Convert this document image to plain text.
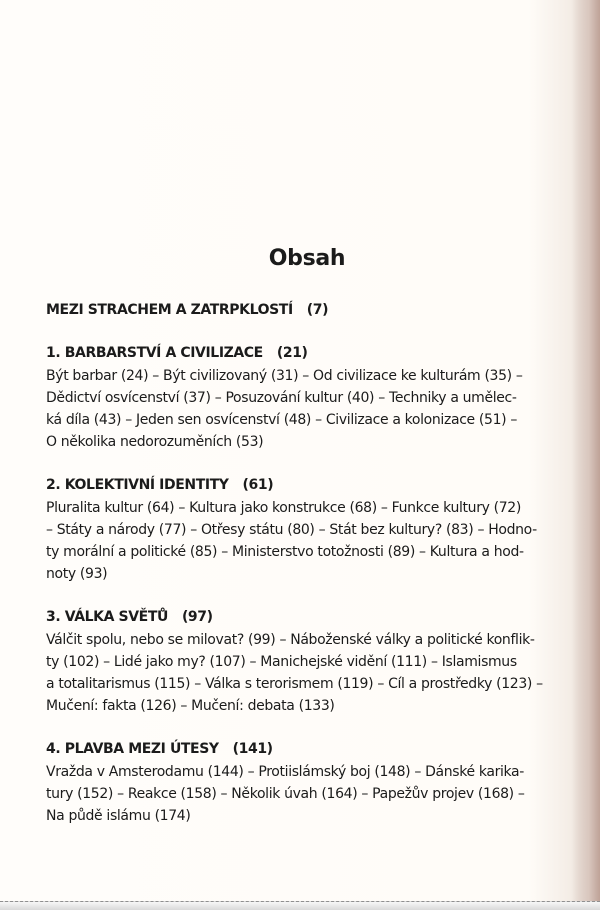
Obsah
MEZI STRACHEM A ZATRPKLOSTÍ (7)
1. BARBARSTVÍ A CIVILIZACE (21)

Být barbar (24) – Být civilizovaný (31) – Od civilizace ke kulturám (35) –
Dědictví osvícenství (37) – Posuzování kultur (40) – Techniky a umělec-
ká díla (43) – Jeden sen osvícenství (48) – Civilizace a kolonizace (51) –
O několika nedorozuměních (53)

2. KOLEKTIVNÍ IDENTITY (61)

Pluralita kultur (64) – Kultura jako konstrukce (68) – Funkce kultury (72)
– Státy a národy (77) – Otřesy státu (80) – Stát bez kultury? (83) – Hodno-
ty morální a politické (85) – Ministerstvo totožnosti (89) – Kultura a hod-
noty (93)

3. VÁLKA SVĚTŮ (97)

Válčit spolu, nebo se milovat? (99) – Náboženské války a politické konflik-
ty (102) – Lidé jako my? (107) – Manichejské vidění (111) – Islamismus
a totalitarismus (115) – Válka s terorismem (119) – Cíl a prostředky (123) –
Mučení: fakta (126) – Mučení: debata (133)

4. PLAVBA MEZI ÚTESY (141)

Vražda v Amsterodamu (144) – Protiislámský boj (148) – Dánské karika-
tury (152) – Reakce (158) – Několik úvah (164) – Papežův projev (168) –
Na půdě islámu (174)
